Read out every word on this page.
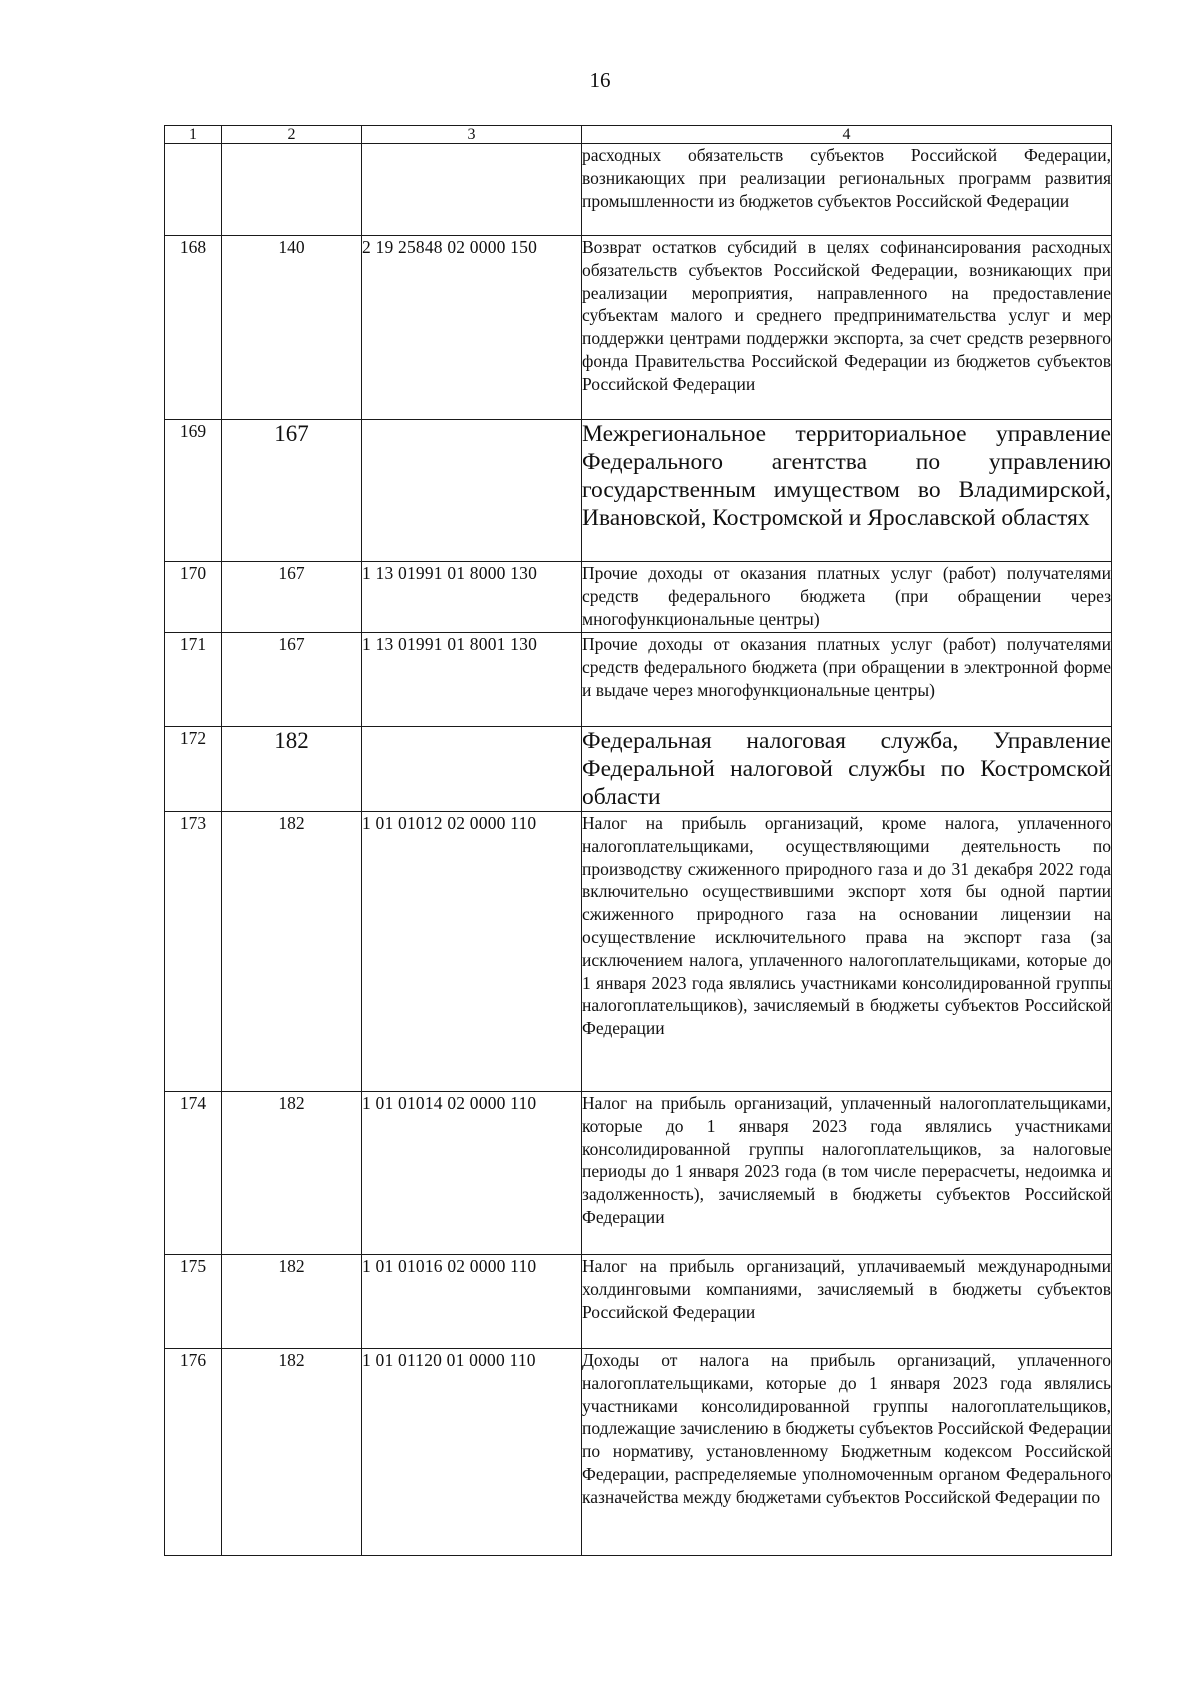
16
1	2	3	4
			расходных обязательств субъектов Российской Федерации, возникающих при реализации региональных программ развития промышленности из бюджетов субъектов Российской Федерации
168	140	2 19 25848 02 0000 150	Возврат остатков субсидий в целях софинансирования расходных обязательств субъектов Российской Федерации, возникающих при реализации мероприятия, направленного на предоставление субъектам малого и среднего предпринимательства услуг и мер поддержки центрами поддержки экспорта, за счет средств резервного фонда Правительства Российской Федерации из бюджетов субъектов Российской Федерации
169	167		Межрегиональное территориальное управление Федерального агентства по управлению государственным имуществом во Владимирской, Ивановской, Костромской и Ярославской областях
170	167	1 13 01991 01 8000 130	Прочие доходы от оказания платных услуг (работ) получателями средств федерального бюджета (при обращении через многофункциональные центры)
171	167	1 13 01991 01 8001 130	Прочие доходы от оказания платных услуг (работ) получателями средств федерального бюджета (при обращении в электронной форме и выдаче через многофункциональные центры)
172	182		Федеральная налоговая служба, Управление Федеральной налоговой службы по Костромской области
173	182	1 01 01012 02 0000 110	Налог на прибыль организаций, кроме налога, уплаченного налогоплательщиками, осуществляющими деятельность по производству сжиженного природного газа и до 31 декабря 2022 года включительно осуществившими экспорт хотя бы одной партии сжиженного природного газа на основании лицензии на осуществление исключительного права на экспорт газа (за исключением налога, уплаченного налогоплательщиками, которые до 1 января 2023 года являлись участниками консолидированной группы налогоплательщиков), зачисляемый в бюджеты субъектов Российской Федерации
174	182	1 01 01014 02 0000 110	Налог на прибыль организаций, уплаченный налогоплательщиками, которые до 1 января 2023 года являлись участниками консолидированной группы налогоплательщиков, за налоговые периоды до 1 января 2023 года (в том числе перерасчеты, недоимка и задолженность), зачисляемый в бюджеты субъектов Российской Федерации
175	182	1 01 01016 02 0000 110	Налог на прибыль организаций, уплачиваемый международными холдинговыми компаниями, зачисляемый в бюджеты субъектов Российской Федерации
176	182	1 01 01120 01 0000 110	Доходы от налога на прибыль организаций, уплаченного налогоплательщиками, которые до 1 января 2023 года являлись участниками консолидированной группы налогоплательщиков, подлежащие зачислению в бюджеты субъектов Российской Федерации по нормативу, установленному Бюджетным кодексом Российской Федерации, распределяемые уполномоченным органом Федерального казначейства между бюджетами субъектов Российской Федерации по
